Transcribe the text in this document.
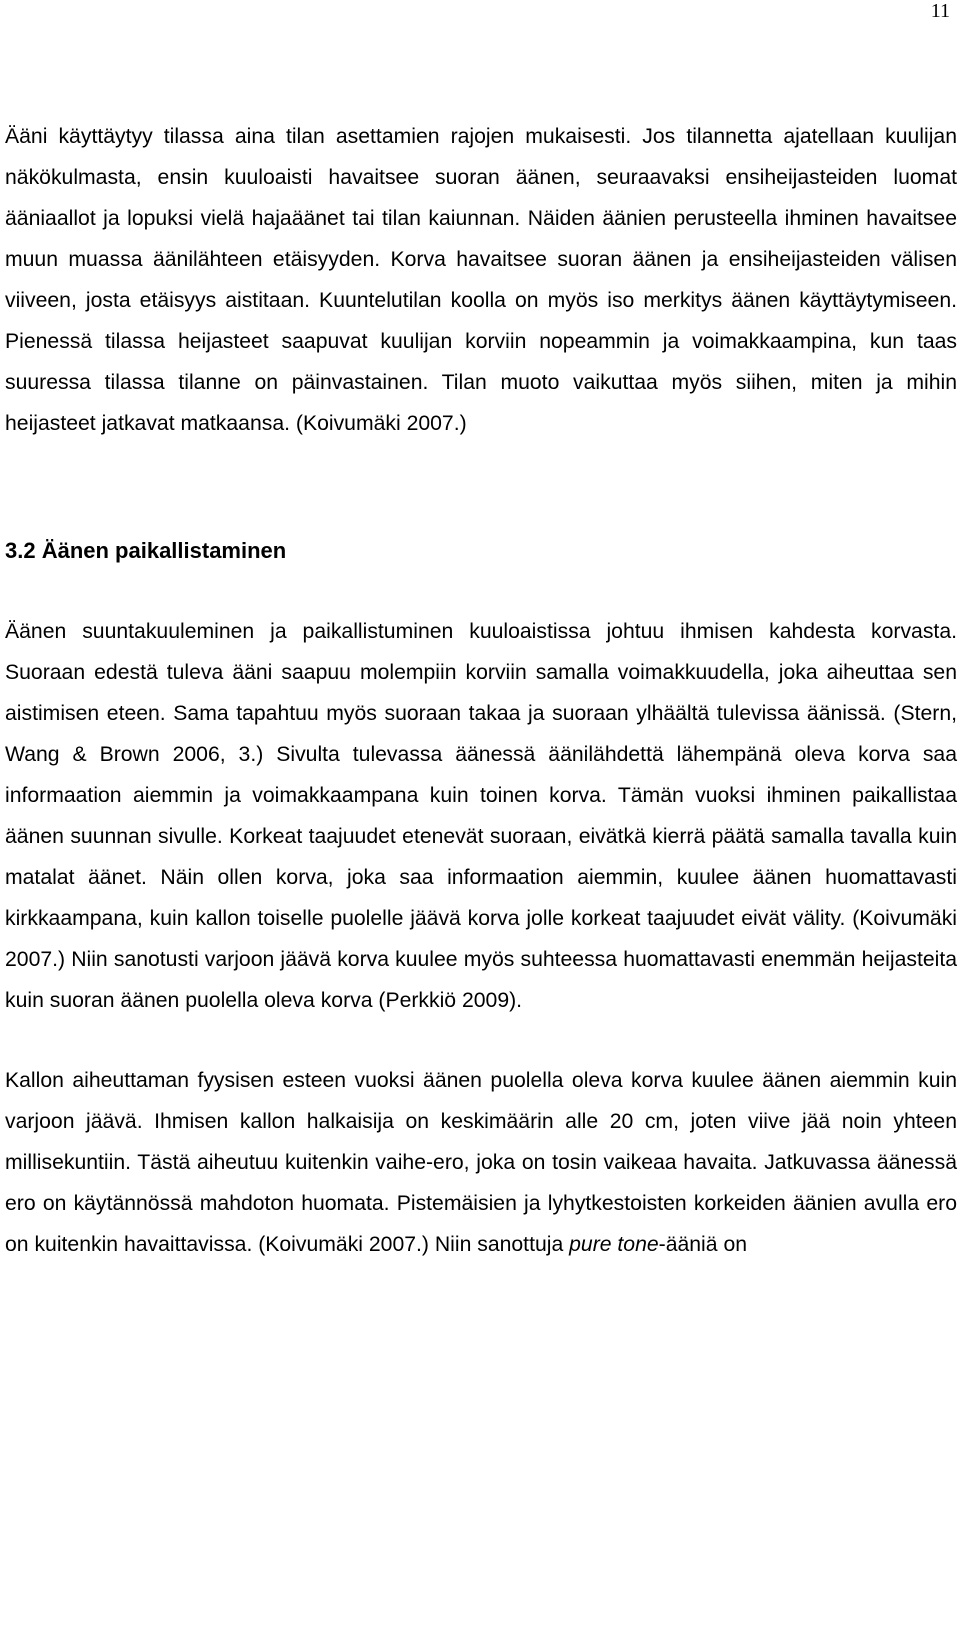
11

Ääni käyttäytyy tilassa aina tilan asettamien rajojen mukaisesti. Jos tilannetta ajatellaan kuulijan näkökulmasta, ensin kuuloaisti havaitsee suoran äänen, seuraavaksi ensiheijasteiden luomat ääniaallot ja lopuksi vielä hajaäänet tai tilan kaiunnan. Näiden äänien perusteella ihminen havaitsee muun muassa äänilähteen etäisyyden. Korva havaitsee suoran äänen ja ensiheijasteiden välisen viiveen, josta etäisyys aistitaan. Kuuntelutilan koolla on myös iso merkitys äänen käyttäytymiseen. Pienessä tilassa heijasteet saapuvat kuulijan korviin nopeammin ja voimakkaampina, kun taas suuressa tilassa tilanne on päinvastainen. Tilan muoto vaikuttaa myös siihen, miten ja mihin heijasteet jatkavat matkaansa. (Koivumäki 2007.)

3.2 Äänen paikallistaminen

Äänen suuntakuuleminen ja paikallistuminen kuuloaistissa johtuu ihmisen kahdesta korvasta. Suoraan edestä tuleva ääni saapuu molempiin korviin samalla voimakkuudella, joka aiheuttaa sen aistimisen eteen. Sama tapahtuu myös suoraan takaa ja suoraan ylhäältä tulevissa äänissä. (Stern, Wang & Brown 2006, 3.) Sivulta tulevassa äänessä äänilähdettä lähempänä oleva korva saa informaation aiemmin ja voimakkaampana kuin toinen korva. Tämän vuoksi ihminen paikallistaa äänen suunnan sivulle. Korkeat taajuudet etenevät suoraan, eivätkä kierrä päätä samalla tavalla kuin matalat äänet. Näin ollen korva, joka saa informaation aiemmin, kuulee äänen huomattavasti kirkkaampana, kuin kallon toiselle puolelle jäävä korva jolle korkeat taajuudet eivät välity. (Koivumäki 2007.) Niin sanotusti varjoon jäävä korva kuulee myös suhteessa huomattavasti enemmän heijasteita kuin suoran äänen puolella oleva korva (Perkkiö 2009).

Kallon aiheuttaman fyysisen esteen vuoksi äänen puolella oleva korva kuulee äänen aiemmin kuin varjoon jäävä. Ihmisen kallon halkaisija on keskimäärin alle 20 cm, joten viive jää noin yhteen millisekuntiin. Tästä aiheutuu kuitenkin vaihe-ero, joka on tosin vaikeaa havaita. Jatkuvassa äänessä ero on käytännössä mahdoton huomata. Pistemäisien ja lyhytkestoisten korkeiden äänien avulla ero on kuitenkin havaittavissa. (Koivumäki 2007.) Niin sanottuja pure tone-ääniä on
